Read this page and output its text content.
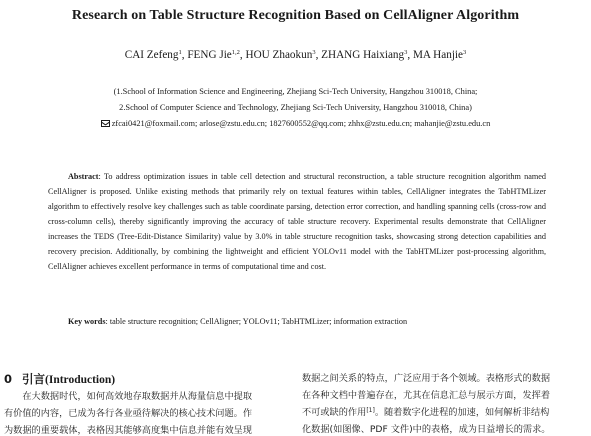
Research on Table Structure Recognition Based on CellAligner Algorithm
CAI Zefeng$^1$, FENG Jie$^{1,2}$, HOU Zhaokun$^3$, ZHANG Haixiang$^3$, MA Hanjie$^3$
(1.School of Information Science and Engineering, Zhejiang Sci-Tech University, Hangzhou 310018, China;
2.School of Computer Science and Technology, Zhejiang Sci-Tech University, Hangzhou 310018, China)
zfcai0421@foxmail.com; arlose@zstu.edu.cn; 1827600552@qq.com; zhhx@zstu.edu.cn; mahanjie@zstu.edu.cn

Abstract: To address optimization issues in table cell detection and structural reconstruction, a table structure recognition algorithm named CellAligner is proposed. Unlike existing methods that primarily rely on textual features within tables, CellAligner integrates the TabHTMLizer algorithm to effectively resolve key challenges such as table coordinate parsing, detection error correction, and handling spanning cells (cross-row and cross-column cells), thereby significantly improving the accuracy of table structure recovery. Experimental results demonstrate that CellAligner increases the TEDS (Tree-Edit-Distance Similarity) value by 3.0% in table structure recognition tasks, showcasing strong detection capabilities and recovery precision. Additionally, by combining the lightweight and efficient YOLOv11 model with the TabHTMLizer post-processing algorithm, CellAligner achieves excellent performance in terms of computational time and cost.

Key words: table structure recognition; CellAligner; YOLOv11; TabHTMLizer; information extraction
0 引言(Introduction)
　　在大数据时代，如何高效地存取数据并从海量信息中提取
有价值的内容，已成为各行各业亟待解决的核心技术问题。作
为数据的重要载体，表格因其能够高度集中信息并能有效呈现
数据之间关系的特点，广泛应用于各个领域。表格形式的数据
在各种文档中普遍存在，尤其在信息汇总与展示方面，发挥着
不可或缺的作用[1]。随着数字化进程的加速，如何解析非结构
化数据(如图像、PDF 文件)中的表格，成为日益增长的需求。
